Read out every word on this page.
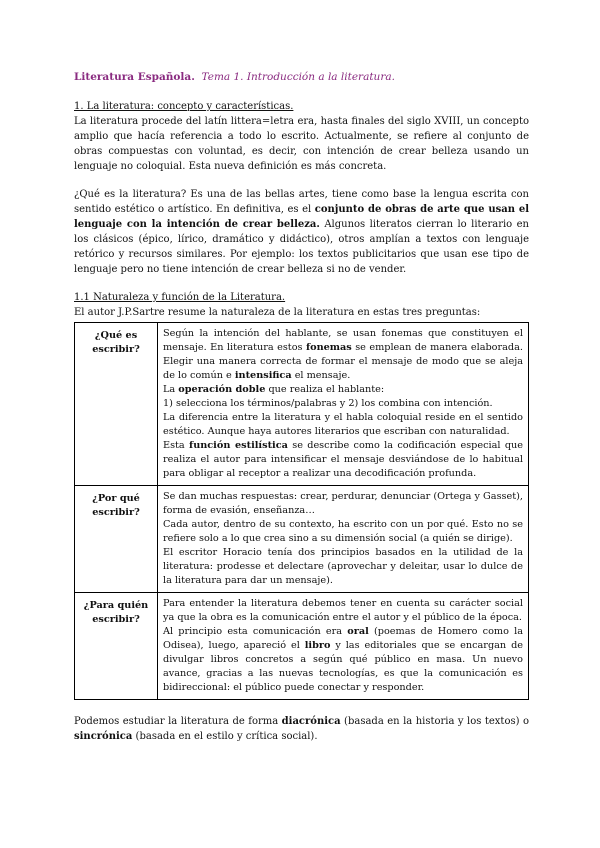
Literatura Española. Tema 1. Introducción a la literatura.

1. La literatura: concepto y características.

La literatura procede del latín littera=letra era, hasta finales del siglo XVIII, un concepto amplio que hacía referencia a todo lo escrito. Actualmente, se refiere al conjunto de obras compuestas con voluntad, es decir, con intención de crear belleza usando un lenguaje no coloquial. Esta nueva definición es más concreta.

¿Qué es la literatura? Es una de las bellas artes, tiene como base la lengua escrita con sentido estético o artístico. En definitiva, es el conjunto de obras de arte que usan el lenguaje con la intención de crear belleza. Algunos literatos cierran lo literario en los clásicos (épico, lírico, dramático y didáctico), otros amplían a textos con lenguaje retórico y recursos similares. Por ejemplo: los textos publicitarios que usan ese tipo de lenguaje pero no tiene intención de crear belleza si no de vender.

1.1 Naturaleza y función de la Literatura.

El autor J.P.Sartre resume la naturaleza de la literatura en estas tres preguntas:

¿Qué es escribir?	Según la intención del hablante, se usan fonemas que constituyen el mensaje. En literatura estos fonemas se emplean de manera elaborada. Elegir una manera correcta de formar el mensaje de modo que se aleja de lo común e intensifica el mensaje.
La operación doble que realiza el hablante:
1) selecciona los términos/palabras y 2) los combina con intención.
La diferencia entre la literatura y el habla coloquial reside en el sentido estético. Aunque haya autores literarios que escriban con naturalidad.
Esta función estilística se describe como la codificación especial que realiza el autor para intensificar el mensaje desviándose de lo habitual para obligar al receptor a realizar una decodificación profunda.

¿Por qué escribir?	Se dan muchas respuestas: crear, perdurar, denunciar (Ortega y Gasset), forma de evasión, enseñanza…
Cada autor, dentro de su contexto, ha escrito con un por qué. Esto no se refiere solo a lo que crea sino a su dimensión social (a quién se dirige).
El escritor Horacio tenía dos principios basados en la utilidad de la literatura: prodesse et delectare (aprovechar y deleitar, usar lo dulce de la literatura para dar un mensaje).

¿Para quién escribir?	Para entender la literatura debemos tener en cuenta su carácter social ya que la obra es la comunicación entre el autor y el público de la época.
Al principio esta comunicación era oral (poemas de Homero como la Odisea), luego, apareció el libro y las editoriales que se encargan de divulgar libros concretos a según qué público en masa. Un nuevo avance, gracias a las nuevas tecnologías, es que la comunicación es bidireccional: el público puede conectar y responder.

Podemos estudiar la literatura de forma diacrónica (basada en la historia y los textos) o sincrónica (basada en el estilo y crítica social).
